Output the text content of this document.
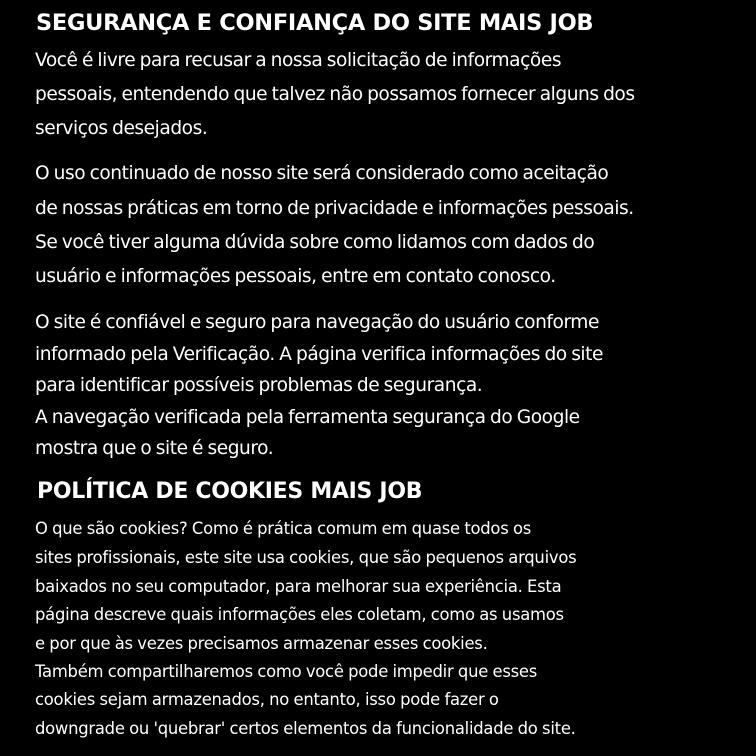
SEGURANÇA E CONFIANÇA DO SITE MAIS JOB

Você é livre para recusar a nossa solicitação de informações

pessoais, entendendo que talvez não possamos fornecer alguns dos

serviços desejados.

O uso continuado de nosso site será considerado como aceitação

de nossas práticas em torno de privacidade e informações pessoais.

Se você tiver alguma dúvida sobre como lidamos com dados do

usuário e informações pessoais, entre em contato conosco.

O site é confiável e seguro para navegação do usuário conforme

informado pela Verificação. A página verifica informações do site

para identificar possíveis problemas de segurança.

A navegação verificada pela ferramenta segurança do Google

mostra que o site é seguro.

POLÍTICA DE COOKIES MAIS JOB

O que são cookies? Como é prática comum em quase todos os

sites profissionais, este site usa cookies, que são pequenos arquivos

baixados no seu computador, para melhorar sua experiência. Esta

página descreve quais informações eles coletam, como as usamos

e por que às vezes precisamos armazenar esses cookies.

Também compartilharemos como você pode impedir que esses

cookies sejam armazenados, no entanto, isso pode fazer o

downgrade ou 'quebrar' certos elementos da funcionalidade do site.
